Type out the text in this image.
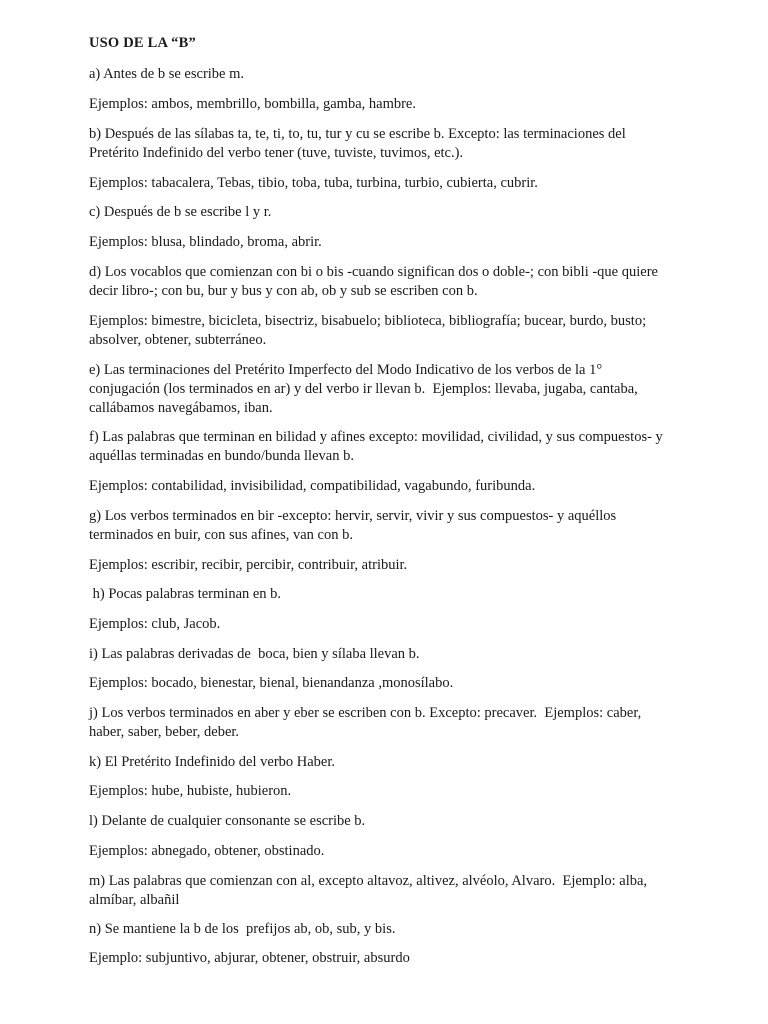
USO DE LA “B”
a) Antes de b se escribe m.
Ejemplos: ambos, membrillo, bombilla, gamba, hambre.
b) Después de las sílabas ta, te, ti, to, tu, tur y cu se escribe b. Excepto: las terminaciones del
Pretérito Indefinido del verbo tener (tuve, tuviste, tuvimos, etc.).
Ejemplos: tabacalera, Tebas, tibio, toba, tuba, turbina, turbio, cubierta, cubrir.
c) Después de b se escribe l y r.
Ejemplos: blusa, blindado, broma, abrir.
d) Los vocablos que comienzan con bi o bis -cuando significan dos o doble-; con bibli -que quiere
decir libro-; con bu, bur y bus y con ab, ob y sub se escriben con b.
Ejemplos: bimestre, bicicleta, bisectriz, bisabuelo; biblioteca, bibliografía; bucear, burdo, busto;
absolver, obtener, subterráneo.
e) Las terminaciones del Pretérito Imperfecto del Modo Indicativo de los verbos de la 1°
conjugación (los terminados en ar) y del verbo ir llevan b.  Ejemplos: llevaba, jugaba, cantaba,
callábamos navegábamos, iban.
f) Las palabras que terminan en bilidad y afines excepto: movilidad, civilidad, y sus compuestos- y
aquéllas terminadas en bundo/bunda llevan b.
Ejemplos: contabilidad, invisibilidad, compatibilidad, vagabundo, furibunda.
g) Los verbos terminados en bir -excepto: hervir, servir, vivir y sus compuestos- y aquéllos
terminados en buir, con sus afines, van con b.
Ejemplos: escribir, recibir, percibir, contribuir, atribuir.
h) Pocas palabras terminan en b.
Ejemplos: club, Jacob.
i) Las palabras derivadas de  boca, bien y sílaba llevan b.
Ejemplos: bocado, bienestar, bienal, bienandanza ,monosílabo.
j) Los verbos terminados en aber y eber se escriben con b. Excepto: precaver.  Ejemplos: caber,
haber, saber, beber, deber.
k) El Pretérito Indefinido del verbo Haber.
Ejemplos: hube, hubiste, hubieron.
l) Delante de cualquier consonante se escribe b.
Ejemplos: abnegado, obtener, obstinado.
m) Las palabras que comienzan con al, excepto altavoz, altivez, alvéolo, Alvaro.  Ejemplo: alba,
almíbar, albañil
n) Se mantiene la b de los  prefijos ab, ob, sub, y bis.
Ejemplo: subjuntivo, abjurar, obtener, obstruir, absurdo
